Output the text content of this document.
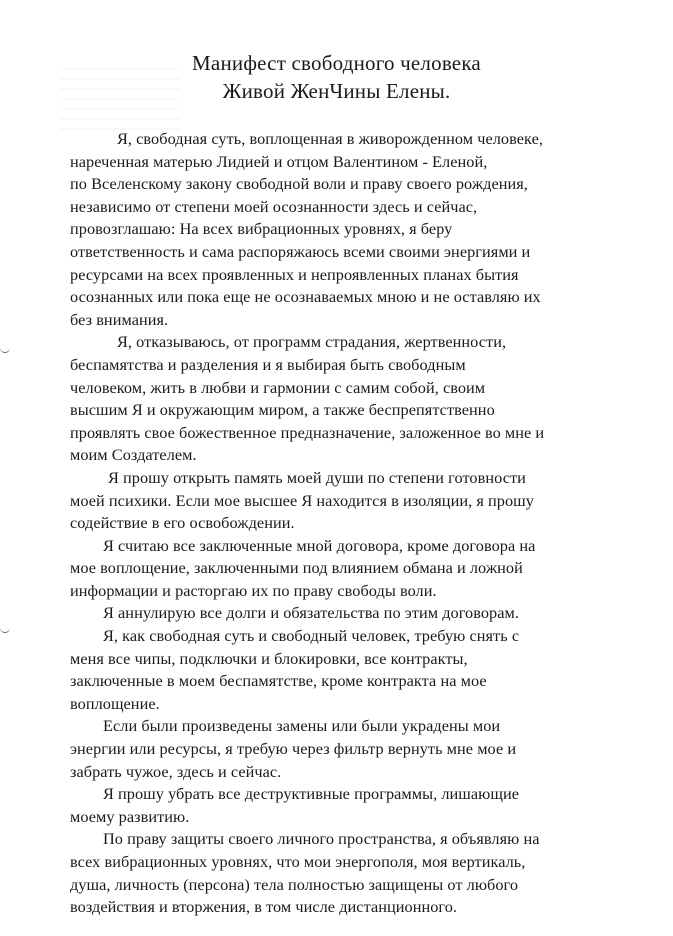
Манифест свободного человека
Живой ЖенЧины Елены.
Я, свободная суть, воплощенная в живорожденном человеке,
нареченная матерью Лидией и отцом Валентином - Еленой,
по Вселенскому закону свободной воли и праву своего рождения,
независимо от степени моей осознанности здесь и сейчас,
провозглашаю: На всех вибрационных уровнях, я беру
ответственность и сама распоряжаюсь всеми своими энергиями и
ресурсами на всех проявленных и непроявленных планах бытия
осознанных или пока еще не осознаваемых мною и не оставляю их
без внимания.
Я, отказываюсь, от программ страдания, жертвенности,
беспамятства и разделения и я выбирая быть свободным
человеком, жить в любви и гармонии с самим собой, своим
высшим Я и окружающим миром, а также беспрепятственно
проявлять свое божественное предназначение, заложенное во мне и
моим Создателем.
Я прошу открыть память моей души по степени готовности
моей психики. Если мое высшее Я находится в изоляции, я прошу
содействие в его освобождении.
Я считаю все заключенные мной договора, кроме договора на
мое воплощение, заключенными под влиянием обмана и ложной
информации и расторгаю их по праву свободы воли.
Я аннулирую все долги и обязательства по этим договорам.
Я, как свободная суть и свободный человек, требую снять с
меня все чипы, подключки и блокировки, все контракты,
заключенные в моем беспамятстве, кроме контракта на мое
воплощение.
Если были произведены замены или были украдены мои
энергии или ресурсы, я требую через фильтр вернуть мне мое и
забрать чужое, здесь и сейчас.
Я прошу убрать все деструктивные программы, лишающие
моему развитию.
По праву защиты своего личного пространства, я объявляю на
всех вибрационных уровнях, что мои энергополя, моя вертикаль,
душа, личность (персона) тела полностью защищены от любого
воздействия и вторжения, в том числе дистанционного.
